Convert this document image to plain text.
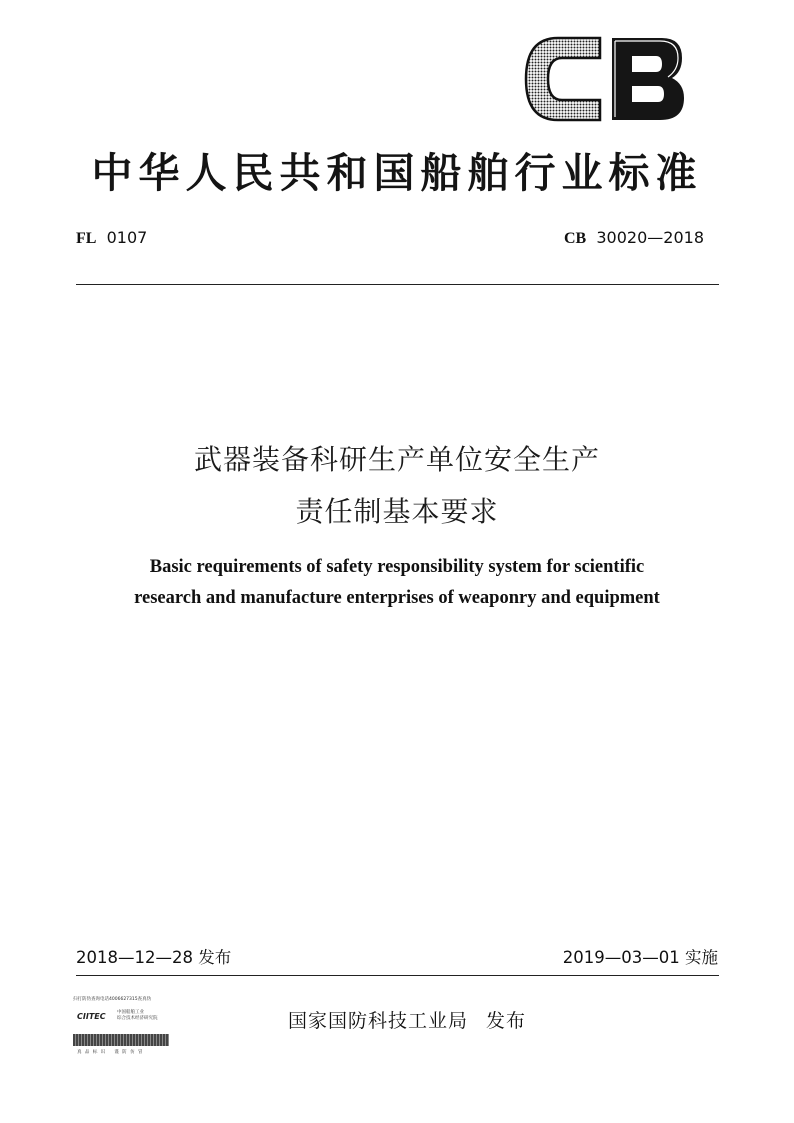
中华人民共和国船舶行业标准
FL 0107	CB 30020—2018
武器装备科研生产单位安全生产
责任制基本要求
Basic requirements of safety responsibility system for scientific
research and manufacture enterprises of weaponry and equipment
2018—12—28 发布	2019—03—01 实施
扫打防伪查询电话4006627315查真伪
CIITEC	中国船舶工业
综合技术经济研究院
真 品 标 识　 谨 防 仿 冒
国家国防科技工业局 发布
